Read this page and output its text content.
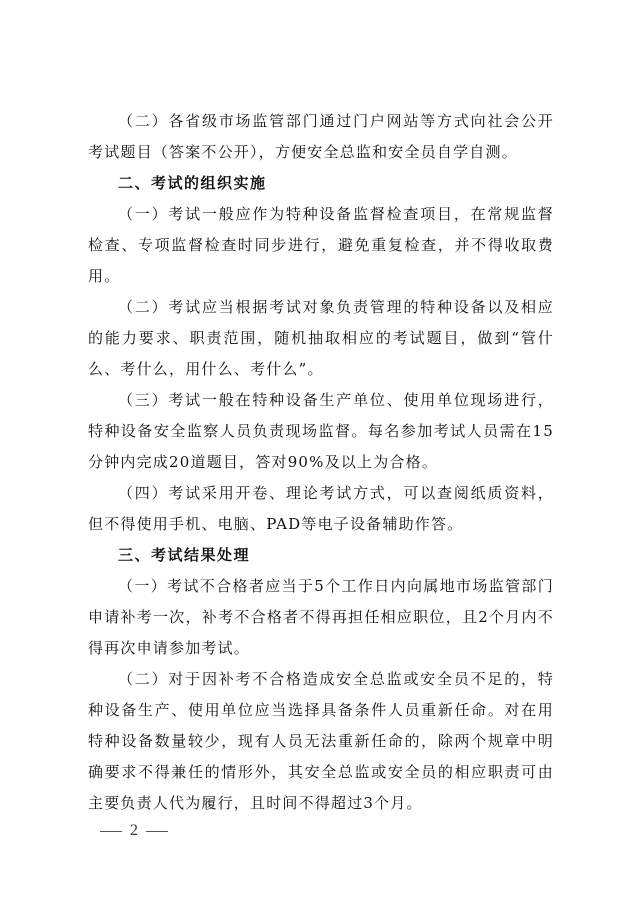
（二）各省级市场监管部门通过门户网站等方式向社会公开考试题目（答案不公开），方便安全总监和安全员自学自测。

二、考试的组织实施

（一）考试一般应作为特种设备监督检查项目，在常规监督检查、专项监督检查时同步进行，避免重复检查，并不得收取费用。

（二）考试应当根据考试对象负责管理的特种设备以及相应的能力要求、职责范围，随机抽取相应的考试题目，做到“管什么、考什么，用什么、考什么”。

（三）考试一般在特种设备生产单位、使用单位现场进行，特种设备安全监察人员负责现场监督。每名参加考试人员需在15分钟内完成20道题目，答对90%及以上为合格。

（四）考试采用开卷、理论考试方式，可以查阅纸质资料，但不得使用手机、电脑、PAD等电子设备辅助作答。

三、考试结果处理

（一）考试不合格者应当于5个工作日内向属地市场监管部门申请补考一次，补考不合格者不得再担任相应职位，且2个月内不得再次申请参加考试。

（二）对于因补考不合格造成安全总监或安全员不足的，特种设备生产、使用单位应当选择具备条件人员重新任命。对在用特种设备数量较少，现有人员无法重新任命的，除两个规章中明确要求不得兼任的情形外，其安全总监或安全员的相应职责可由主要负责人代为履行，且时间不得超过3个月。

2
